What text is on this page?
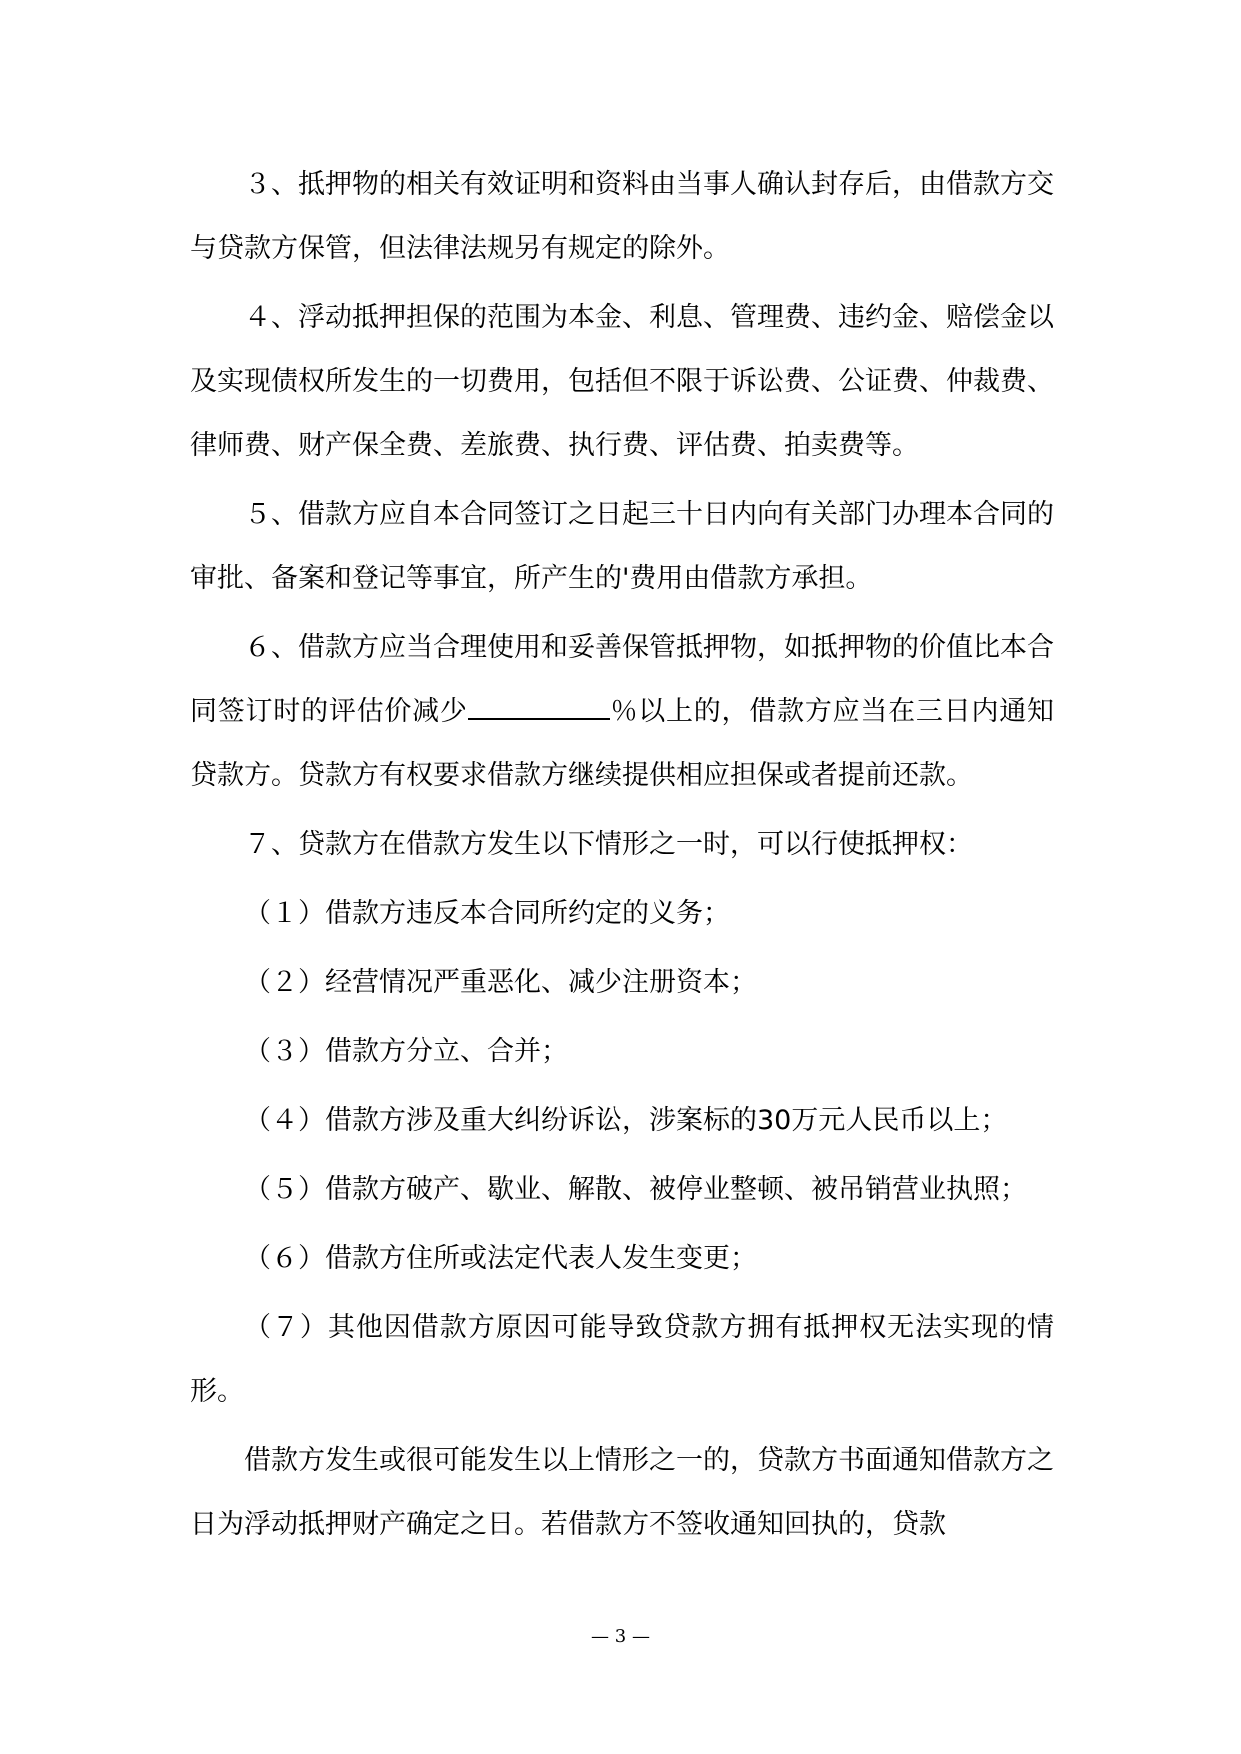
３、抵押物的相关有效证明和资料由当事人确认封存后，由借款方交与贷款方保管，但法律法规另有规定的除外。

４、浮动抵押担保的范围为本金、利息、管理费、违约金、赔偿金以及实现债权所发生的一切费用，包括但不限于诉讼费、公证费、仲裁费、律师费、财产保全费、差旅费、执行费、评估费、拍卖费等。

５、借款方应自本合同签订之日起三十日内向有关部门办理本合同的审批、备案和登记等事宜，所产生的'费用由借款方承担。

６、借款方应当合理使用和妥善保管抵押物，如抵押物的价值比本合同签订时的评估价减少	％以上的，借款方应当在三日内通知贷款方。贷款方有权要求借款方继续提供相应担保或者提前还款。

７、贷款方在借款方发生以下情形之一时，可以行使抵押权：

（１）借款方违反本合同所约定的义务；

（２）经营情况严重恶化、减少注册资本；

（３）借款方分立、合并；

（４）借款方涉及重大纠纷诉讼，涉案标的30万元人民币以上；

（５）借款方破产、歇业、解散、被停业整顿、被吊销营业执照；

（６）借款方住所或法定代表人发生变更；

（７）其他因借款方原因可能导致贷款方拥有抵押权无法实现的情形。

借款方发生或很可能发生以上情形之一的，贷款方书面通知借款方之日为浮动抵押财产确定之日。若借款方不签收通知回执的，贷款

— 3 —
